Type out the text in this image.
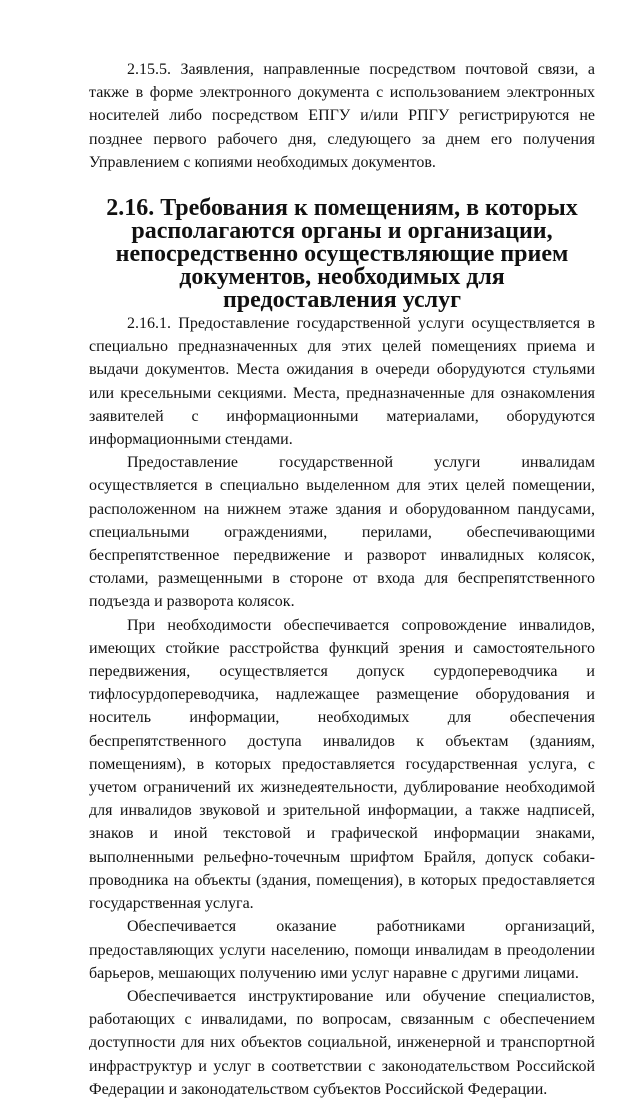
2.15.5. Заявления, направленные посредством почтовой связи, а также в форме электронного документа с использованием электронных носителей либо посредством ЕПГУ и/или РПГУ регистрируются не позднее первого рабочего дня, следующего за днем его получения Управлением с копиями необходимых документов.

2.16. Требования к помещениям, в которых располагаются органы и организации, непосредственно осуществляющие прием документов, необходимых для предоставления услуг

2.16.1. Предоставление государственной услуги осуществляется в специально предназначенных для этих целей помещениях приема и выдачи документов. Места ожидания в очереди оборудуются стульями или кресельными секциями. Места, предназначенные для ознакомления заявителей с информационными материалами, оборудуются информационными стендами.

Предоставление государственной услуги инвалидам осуществляется в специально выделенном для этих целей помещении, расположенном на нижнем этаже здания и оборудованном пандусами, специальными ограждениями, перилами, обеспечивающими беспрепятственное передвижение и разворот инвалидных колясок, столами, размещенными в стороне от входа для беспрепятственного подъезда и разворота колясок.

При необходимости обеспечивается сопровождение инвалидов, имеющих стойкие расстройства функций зрения и самостоятельного передвижения, осуществляется допуск сурдопереводчика и тифлосурдопереводчика, надлежащее размещение оборудования и носитель информации, необходимых для обеспечения беспрепятственного доступа инвалидов к объектам (зданиям, помещениям), в которых предоставляется государственная услуга, с учетом ограничений их жизнедеятельности, дублирование необходимой для инвалидов звуковой и зрительной информации, а также надписей, знаков и иной текстовой и графической информации знаками, выполненными рельефно-точечным шрифтом Брайля, допуск собаки-проводника на объекты (здания, помещения), в которых предоставляется государственная услуга.

Обеспечивается оказание работниками организаций, предоставляющих услуги населению, помощи инвалидам в преодолении барьеров, мешающих получению ими услуг наравне с другими лицами.

Обеспечивается инструктирование или обучение специалистов, работающих с инвалидами, по вопросам, связанным с обеспечением доступности для них объектов социальной, инженерной и транспортной инфраструктур и услуг в соответствии с законодательством Российской Федерации и законодательством субъектов Российской Федерации.
